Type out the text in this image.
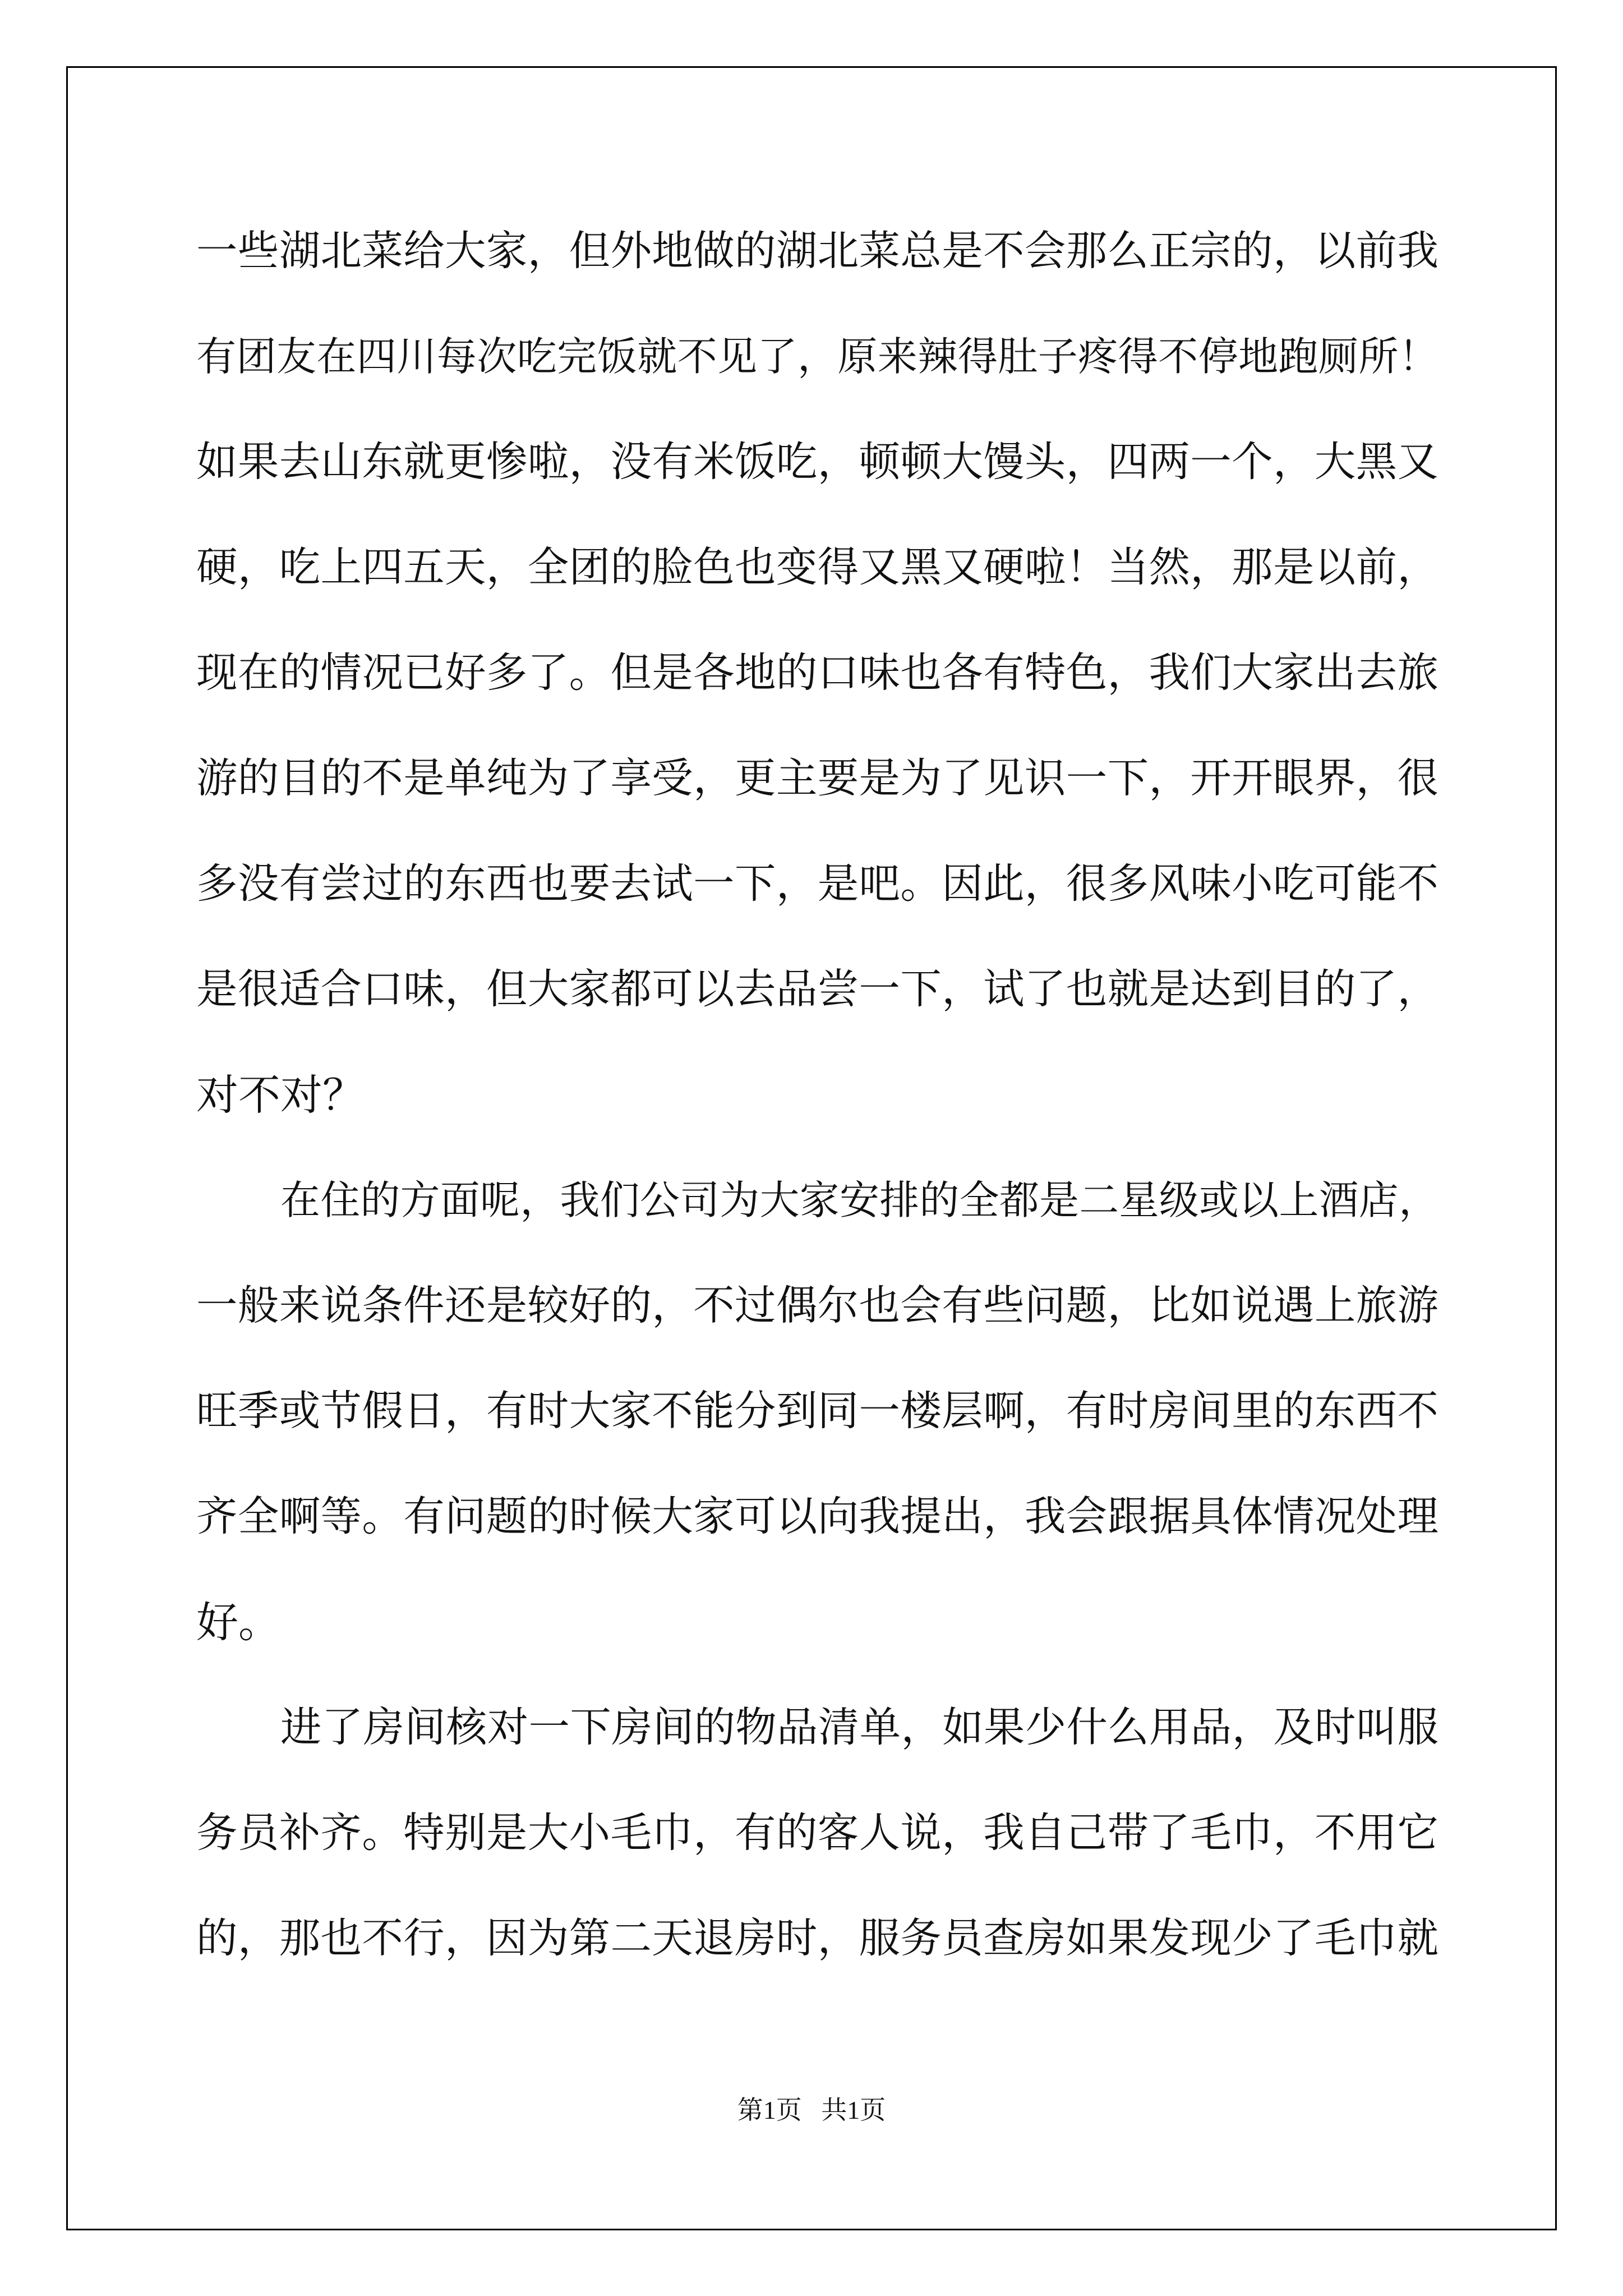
一些湖北菜给大家，但外地做的湖北菜总是不会那么正宗的，以前我
有团友在四川每次吃完饭就不见了，原来辣得肚子疼得不停地跑厕所！
如果去山东就更惨啦，没有米饭吃，顿顿大馒头，四两一个，大黑又
硬，吃上四五天，全团的脸色也变得又黑又硬啦！当然，那是以前，
现在的情况已好多了。但是各地的口味也各有特色，我们大家出去旅
游的目的不是单纯为了享受，更主要是为了见识一下，开开眼界，很
多没有尝过的东西也要去试一下，是吧。因此，很多风味小吃可能不
是很适合口味，但大家都可以去品尝一下，试了也就是达到目的了，
对不对？
在住的方面呢，我们公司为大家安排的全都是二星级或以上酒店，
一般来说条件还是较好的，不过偶尔也会有些问题，比如说遇上旅游
旺季或节假日，有时大家不能分到同一楼层啊，有时房间里的东西不
齐全啊等。有问题的时候大家可以向我提出，我会跟据具体情况处理
好。
进了房间核对一下房间的物品清单，如果少什么用品，及时叫服
务员补齐。特别是大小毛巾，有的客人说，我自己带了毛巾，不用它
的，那也不行，因为第二天退房时，服务员查房如果发现少了毛巾就
第1页   共1页
